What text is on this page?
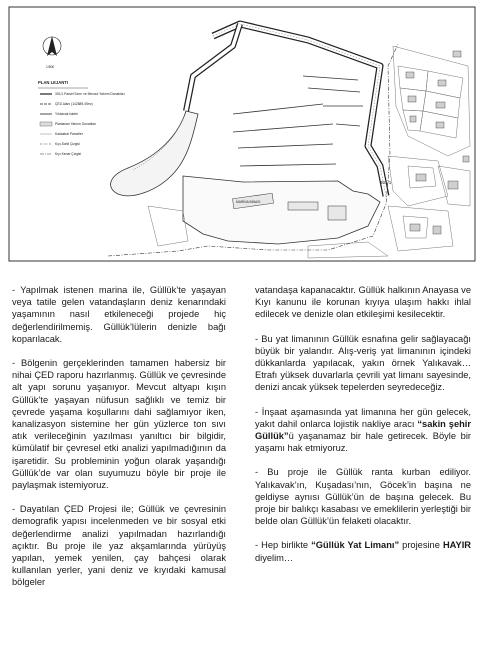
1/500
PLAN LEJANTI
301/1 Parsel Sınırı ve Mevcut Yatırım Donatıları
ÇED Alanı (142889,45m²)
Yıkılacak İskele
Planlanan Yatırım Donatıları
Kadastral Parseller
Kıyı-Sahil Çizgisi
Kıyı Kenar Çizgisi
MARİNA BİNASI
301/1

- Yapılmak istenen marina ile, Güllük’te yaşayan veya tatile gelen vatandaşların deniz kenarındaki yaşamının nasıl etkileneceği projede hiç değerlendirilmemiş. Güllük’lülerin denizle bağı koparılacak.

- Bölgenin gerçeklerinden tamamen habersiz bir nihai ÇED raporu hazırlanmış. Güllük ve çevresinde alt yapı sorunu yaşanıyor. Mevcut altyapı kışın Güllük’te yaşayan nüfusun sağlıklı ve temiz bir çevrede yaşama koşullarını dahi sağlamıyor iken, kanalizasyon sistemine her gün yüzlerce ton sıvı atık verileceğinin yazılması yanıltıcı bir bilgidir, kümülatif bir çevresel etki analizi yapılmadığının da işaretidir. Su probleminin yoğun olarak yaşandığı Güllük’de var olan suyumuzu böyle bir proje ile paylaşmak istemiyoruz.

- Dayatılan ÇED Projesi ile; Güllük ve çevresinin demografik yapısı incelenmeden ve bir sosyal etki değerlendirme analizi yapılmadan hazırlandığı açıktır. Bu proje ile yaz akşamlarında yürüyüş yapılan, yemek yenilen, çay bahçesi olarak kullanılan yerler, yani deniz ve kıyıdaki kamusal bölgeler

vatandaşa kapanacaktır. Güllük halkının Anayasa ve Kıyı kanunu ile korunan kıyıya ulaşım hakkı ihlal edilecek ve denizle olan etkileşimi kesilecektir.

- Bu yat limanının Güllük esnafına gelir sağlayacağı büyük bir yalandır. Alış-veriş yat limanının içindeki dükkanlarda yapılacak, yakın örnek Yalıkavak… Etrafı yüksek duvarlarla çevrili yat limanı sayesinde, denizi ancak yüksek tepelerden seyredeceğiz.

- İnşaat aşamasında yat limanına her gün gelecek, yakıt dahil onlarca lojistik nakliye aracı “sakin şehir Güllük”ü yaşanamaz bir hale getirecek. Böyle bir yaşamı hak etmiyoruz.

- Bu proje ile Güllük ranta kurban ediliyor. Yalıkavak’ın, Kuşadası’nın, Göcek’in başına ne geldiyse aynısı Güllük’ün de başına gelecek. Bu proje bir balıkçı kasabası ve emeklilerin yerleştiği bir belde olan Güllük’ün felaketi olacaktır.

- Hep birlikte “Güllük Yat Limanı” projesine HAYIR diyelim…
